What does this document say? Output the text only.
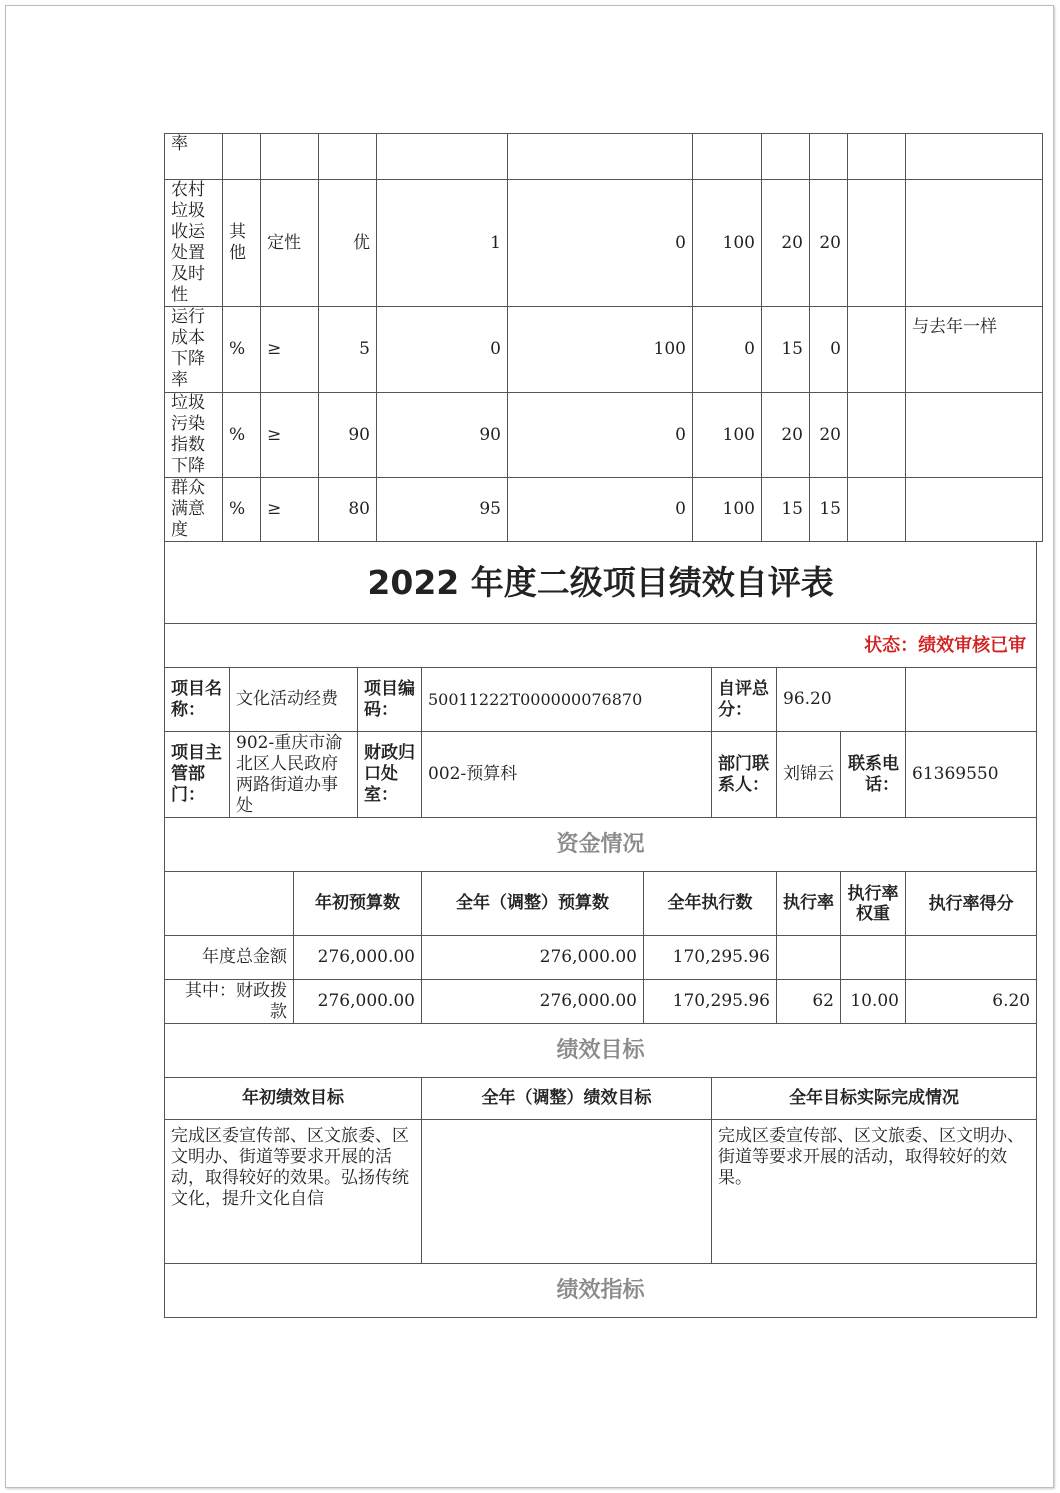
率										
农村垃圾收运处置及时性	其他	定性	优	1	0	100	20	20		
运行成本下降率	%	≥	5	0	100	0	15	0		与去年一样
垃圾污染指数下降	%	≥	90	90	0	100	20	20		
群众满意度	%	≥	80	95	0	100	15	15		
2022 年度二级项目绩效自评表									
状态：绩效审核已审									
项目名称：	文化活动经费		项目编码：	50011222T000000076870		自评总分：	96.20		
项目主管部门：	902-重庆市渝北区人民政府两路街道办事处		财政归口处室：	002-预算科		部门联系人：	刘锦云	联系电话：	61369550
资金情况									
		年初预算数		全年（调整）预算数	全年执行数		执行率	执行率权重	执行率得分
年度总金额		276,000.00		276,000.00	170,295.96				
其中：财政拨款		276,000.00		276,000.00	170,295.96		62	10.00	6.20
绩效目标									
年初绩效目标				全年（调整）绩效目标		全年目标实际完成情况			
完成区委宣传部、区文旅委、区文明办、街道等要求开展的活动，取得较好的效果。弘扬传统文化，提升文化自信						完成区委宣传部、区文旅委、区文明办、街道等要求开展的活动，取得较好的效果。			
绩效指标									
